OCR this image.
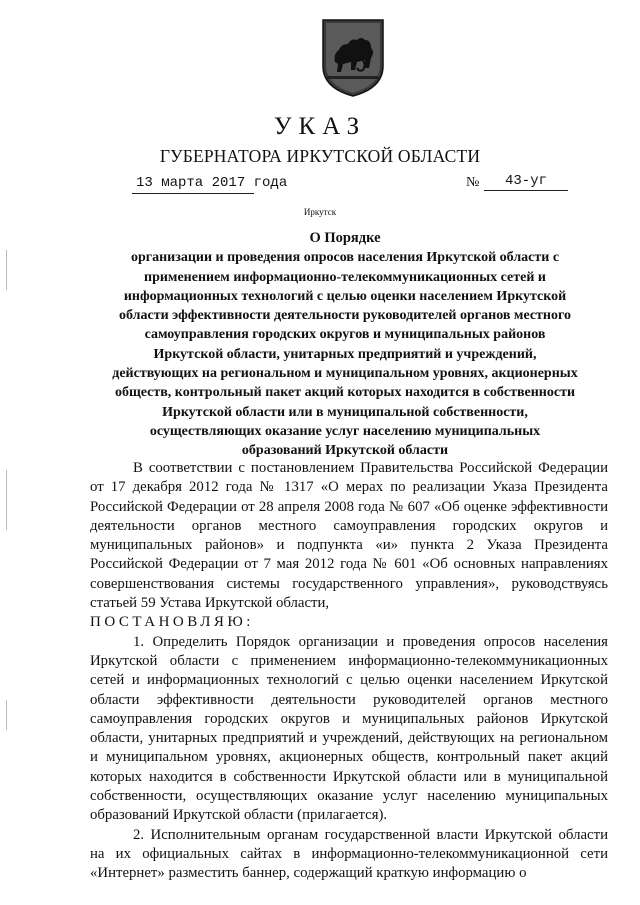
УКАЗ
ГУБЕРНАТОРА ИРКУТСКОЙ ОБЛАСТИ
13 марта 2017 года	№	43-уг
Иркутск
О Порядке
организации и проведения опросов населения Иркутской области с применением информационно-телекоммуникационных сетей и информационных технологий с целью оценки населением Иркутской области эффективности деятельности руководителей органов местного самоуправления городских округов и муниципальных районов Иркутской области, унитарных предприятий и учреждений, действующих на региональном и муниципальном уровнях, акционерных обществ, контрольный пакет акций которых находится в собственности Иркутской области или в муниципальной собственности, осуществляющих оказание услуг населению муниципальных образований Иркутской области

В соответствии с постановлением Правительства Российской Федерации от 17 декабря 2012 года № 1317 «О мерах по реализации Указа Президента Российской Федерации от 28 апреля 2008 года № 607 «Об оценке эффективности деятельности органов местного самоуправления городских округов и муниципальных районов» и подпункта «и» пункта 2 Указа Президента Российской Федерации от 7 мая 2012 года № 601 «Об основных направлениях совершенствования системы государственного управления», руководствуясь статьей 59 Устава Иркутской области,

ПОСТАНОВЛЯЮ:

1. Определить Порядок организации и проведения опросов населения Иркутской области с применением информационно-телекоммуникационных сетей и информационных технологий с целью оценки населением Иркутской области эффективности деятельности руководителей органов местного самоуправления городских округов и муниципальных районов Иркутской области, унитарных предприятий и учреждений, действующих на региональном и муниципальном уровнях, акционерных обществ, контрольный пакет акций которых находится в собственности Иркутской области или в муниципальной собственности, осуществляющих оказание услуг населению муниципальных образований Иркутской области (прилагается).

2. Исполнительным органам государственной власти Иркутской области на их официальных сайтах в информационно-телекоммуникационной сети «Интернет» разместить баннер, содержащий краткую информацию о
